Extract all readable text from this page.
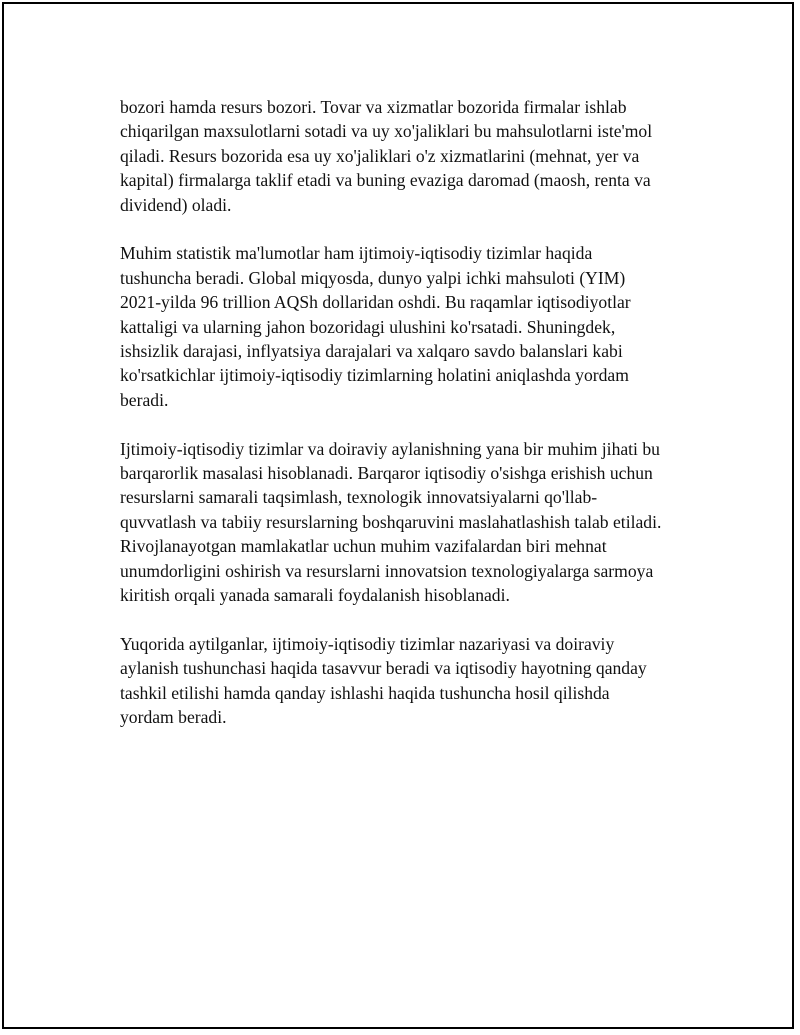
bozori hamda resurs bozori. Tovar va xizmatlar bozorida firmalar ishlab
chiqarilgan maxsulotlarni sotadi va uy xo'jaliklari bu mahsulotlarni iste'mol
qiladi. Resurs bozorida esa uy xo'jaliklari o'z xizmatlarini (mehnat, yer va
kapital) firmalarga taklif etadi va buning evaziga daromad (maosh, renta va
dividend) oladi.

Muhim statistik ma'lumotlar ham ijtimoiy-iqtisodiy tizimlar haqida
tushuncha beradi. Global miqyosda, dunyo yalpi ichki mahsuloti (YIM)
2021-yilda 96 trillion AQSh dollaridan oshdi. Bu raqamlar iqtisodiyotlar
kattaligi va ularning jahon bozoridagi ulushini ko'rsatadi. Shuningdek,
ishsizlik darajasi, inflyatsiya darajalari va xalqaro savdo balanslari kabi
ko'rsatkichlar ijtimoiy-iqtisodiy tizimlarning holatini aniqlashda yordam
beradi.

Ijtimoiy-iqtisodiy tizimlar va doiraviy aylanishning yana bir muhim jihati bu
barqarorlik masalasi hisoblanadi. Barqaror iqtisodiy o'sishga erishish uchun
resurslarni samarali taqsimlash, texnologik innovatsiyalarni qo'llab-
quvvatlash va tabiiy resurslarning boshqaruvini maslahatlashish talab etiladi.
Rivojlanayotgan mamlakatlar uchun muhim vazifalardan biri mehnat
unumdorligini oshirish va resurslarni innovatsion texnologiyalarga sarmoya
kiritish orqali yanada samarali foydalanish hisoblanadi.

Yuqorida aytilganlar, ijtimoiy-iqtisodiy tizimlar nazariyasi va doiraviy
aylanish tushunchasi haqida tasavvur beradi va iqtisodiy hayotning qanday
tashkil etilishi hamda qanday ishlashi haqida tushuncha hosil qilishda
yordam beradi.
